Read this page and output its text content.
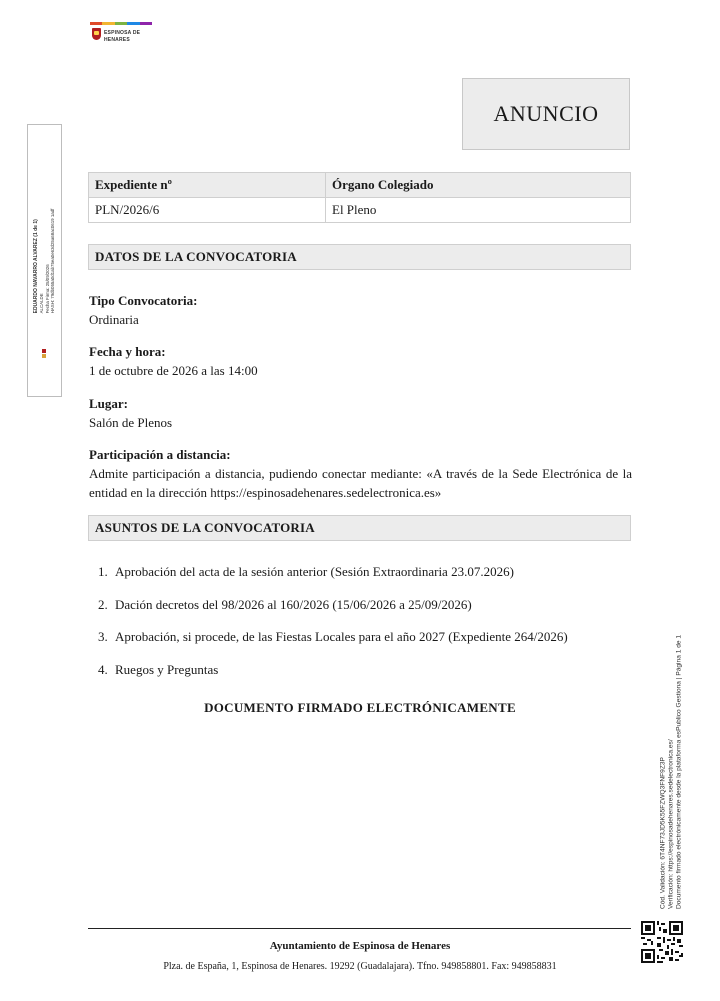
ESPINOSA DE
HENARES
EDUARDO NAVARRO ALVAREZ (1 de 1) ALCALDE Fecha Firma: 25/09/2026 HASH: 79db055a0d1ab75ea0e63d25a68ac0619 1adf
ANUNCIO
Expediente nº	Órgano Colegiado
PLN/2026/6	El Pleno
DATOS DE LA CONVOCATORIA
Tipo Convocatoria:
Ordinaria
Fecha y hora:
1 de octubre de 2026 a las 14:00
Lugar:
Salón de Plenos
Participación a distancia:
Admite participación a distancia, pudiendo conectar mediante: «A través de la Sede Electrónica de la entidad en la dirección https://espinosadehenares.sedelectronica.es»
ASUNTOS DE LA CONVOCATORIA
1. Aprobación del acta de la sesión anterior (Sesión Extraordinaria 23.07.2026)
2. Dación decretos del 98/2026 al 160/2026 (15/06/2026 a 25/09/2026)
3. Aprobación, si procede, de las Fiestas Locales para el año 2027 (Expediente 264/2026)
4. Ruegos y Preguntas
DOCUMENTO FIRMADO ELECTRÓNICAMENTE
Cód. Validación: 6T4NF73JD5K55FZWQ3FNF9Z3P Verificación: https://espinosadehenares.sedelectronica.es/ Documento firmado electrónicamente desde la plataforma esPublico Gestiona | Página 1 de 1
Ayuntamiento de Espinosa de Henares
Plza. de España, 1, Espinosa de Henares. 19292 (Guadalajara). Tfno. 949858801. Fax: 949858831
